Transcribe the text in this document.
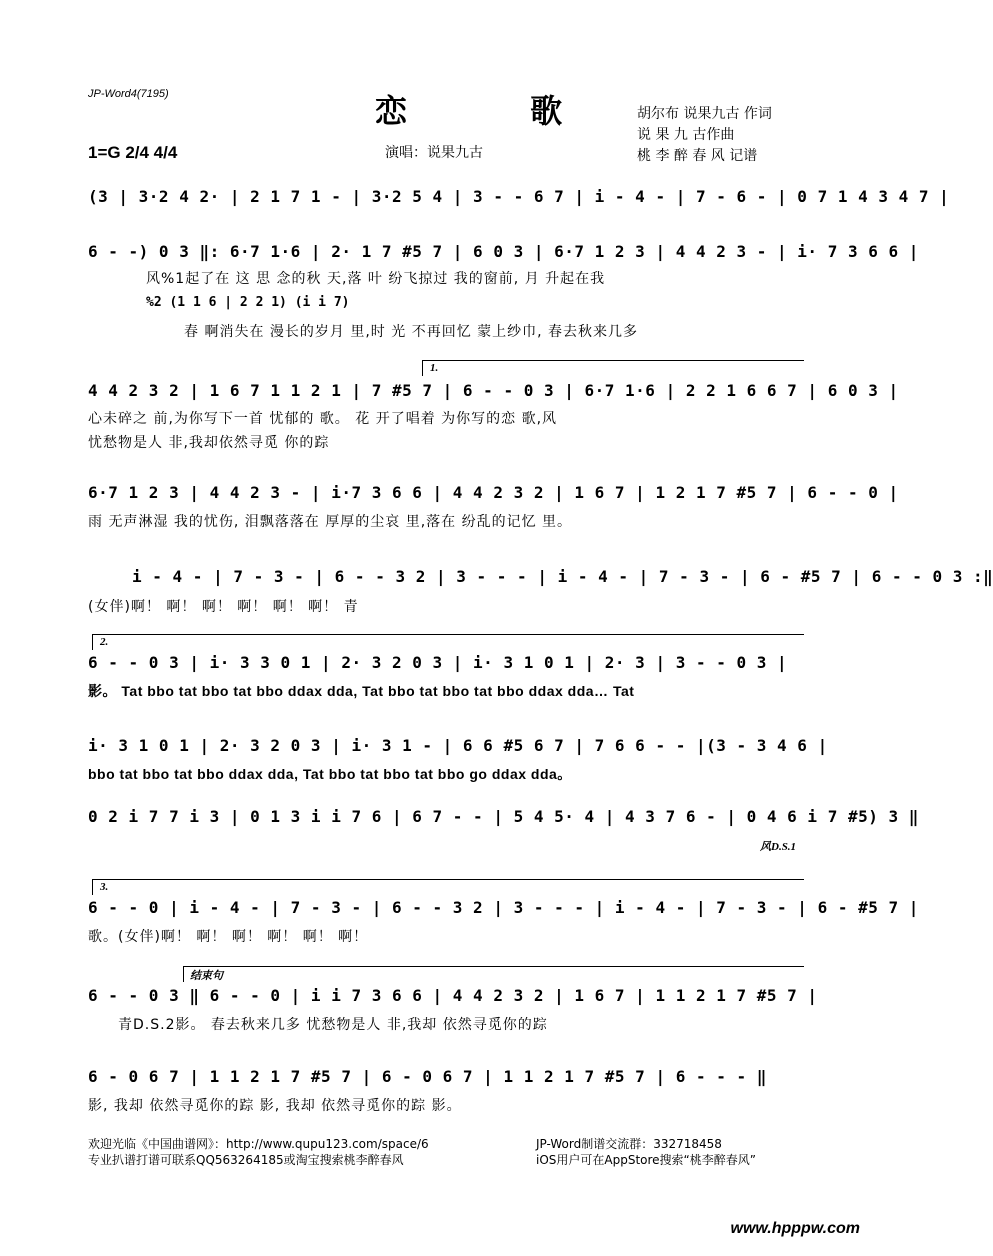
JP-Word4(7195)	恋 歌
1=G 2/4 4/4	演唱：说果九古
胡尔布 说果九古 作词
说 果 九 古作曲
桃 李 醉 春 风 记谱
(3 | 3·2 4 2· | 2 1 7 1 - | 3·2 5 4 | 3 - - 6 7 | i - 4 - | 7 - 6 - | 0 7 1 4 3 4 7 |
6 - -) 0 3 ‖: 6·7 1·6 | 2· 1 7 #5 7 | 6 0 3 | 6·7 1 2 3 | 4 4 2 3 - | i· 7 3 6 6 |
风%1起了在 这 思 念的秋 天,落 叶 纷飞掠过 我的窗前, 月 升起在我
%2 (1 1 6 | 2 2 1) (i i 7)
春 啊消失在 漫长的岁月 里,时 光 不再回忆 蒙上纱巾, 春去秋来几多
1.
4 4 2 3 2 | 1 6 7 1 1 2 1 | 7 #5 7 | 6 - - 0 3 | 6·7 1·6 | 2 2 1 6 6 7 | 6 0 3 |
心未碎之 前,为你写下一首 忧郁的 歌。 花 开了唱着 为你写的恋 歌,风
忧愁物是人 非,我却依然寻觅 你的踪
6·7 1 2 3 | 4 4 2 3 - | i·7 3 6 6 | 4 4 2 3 2 | 1 6 7 | 1 2 1 7 #5 7 | 6 - - 0 |
雨 无声淋湿 我的忧伤, 泪飘落落在 厚厚的尘哀 里,落在 纷乱的记忆 里。
i - 4 - | 7 - 3 - | 6 - - 3 2 | 3 - - - | i - 4 - | 7 - 3 - | 6 - #5 7 | 6 - - 0 3 :‖
(女伴)啊！ 啊！ 啊！ 啊！ 啊！ 啊！ 青
2.
6 - - 0 3 | i· 3 3 0 1 | 2· 3 2 0 3 | i· 3 1 0 1 | 2· 3 | 3 - - 0 3 |
影。 Tat bbo tat bbo tat bbo ddax dda, Tat bbo tat bbo tat bbo ddax dda… Tat
i· 3 1 0 1 | 2· 3 2 0 3 | i· 3 1 - | 6 6 #5 6 7 | 7 6 6 - - |(3 - 3 4 6 |
bbo tat bbo tat bbo ddax dda, Tat bbo tat bbo tat bbo go ddax dda。
0 2 i 7 7 i 3 | 0 1 3 i i 7 6 | 6 7 - - | 5 4 5· 4 | 4 3 7 6 - | 0 4 6 i 7 #5) 3 ‖
风D.S.1
3.
6 - - 0 | i - 4 - | 7 - 3 - | 6 - - 3 2 | 3 - - - | i - 4 - | 7 - 3 - | 6 - #5 7 |
歌。(女伴)啊！ 啊！ 啊！ 啊！ 啊！ 啊！
结束句
6 - - 0 3 ‖ 6 - - 0 | i i 7 3 6 6 | 4 4 2 3 2 | 1 6 7 | 1 1 2 1 7 #5 7 |
青D.S.2影。 春去秋来几多 忧愁物是人 非,我却 依然寻觅你的踪
6 - 0 6 7 | 1 1 2 1 7 #5 7 | 6 - 0 6 7 | 1 1 2 1 7 #5 7 | 6 - - - ‖
影, 我却 依然寻觅你的踪 影, 我却 依然寻觅你的踪 影。
欢迎光临《中国曲谱网》：http://www.qupu123.com/space/6
专业扒谱打谱可联系QQ563264185或淘宝搜索桃李醉春风
JP-Word制谱交流群：332718458
iOS用户可在AppStore搜索“桃李醉春风”
www.hpppw.com
